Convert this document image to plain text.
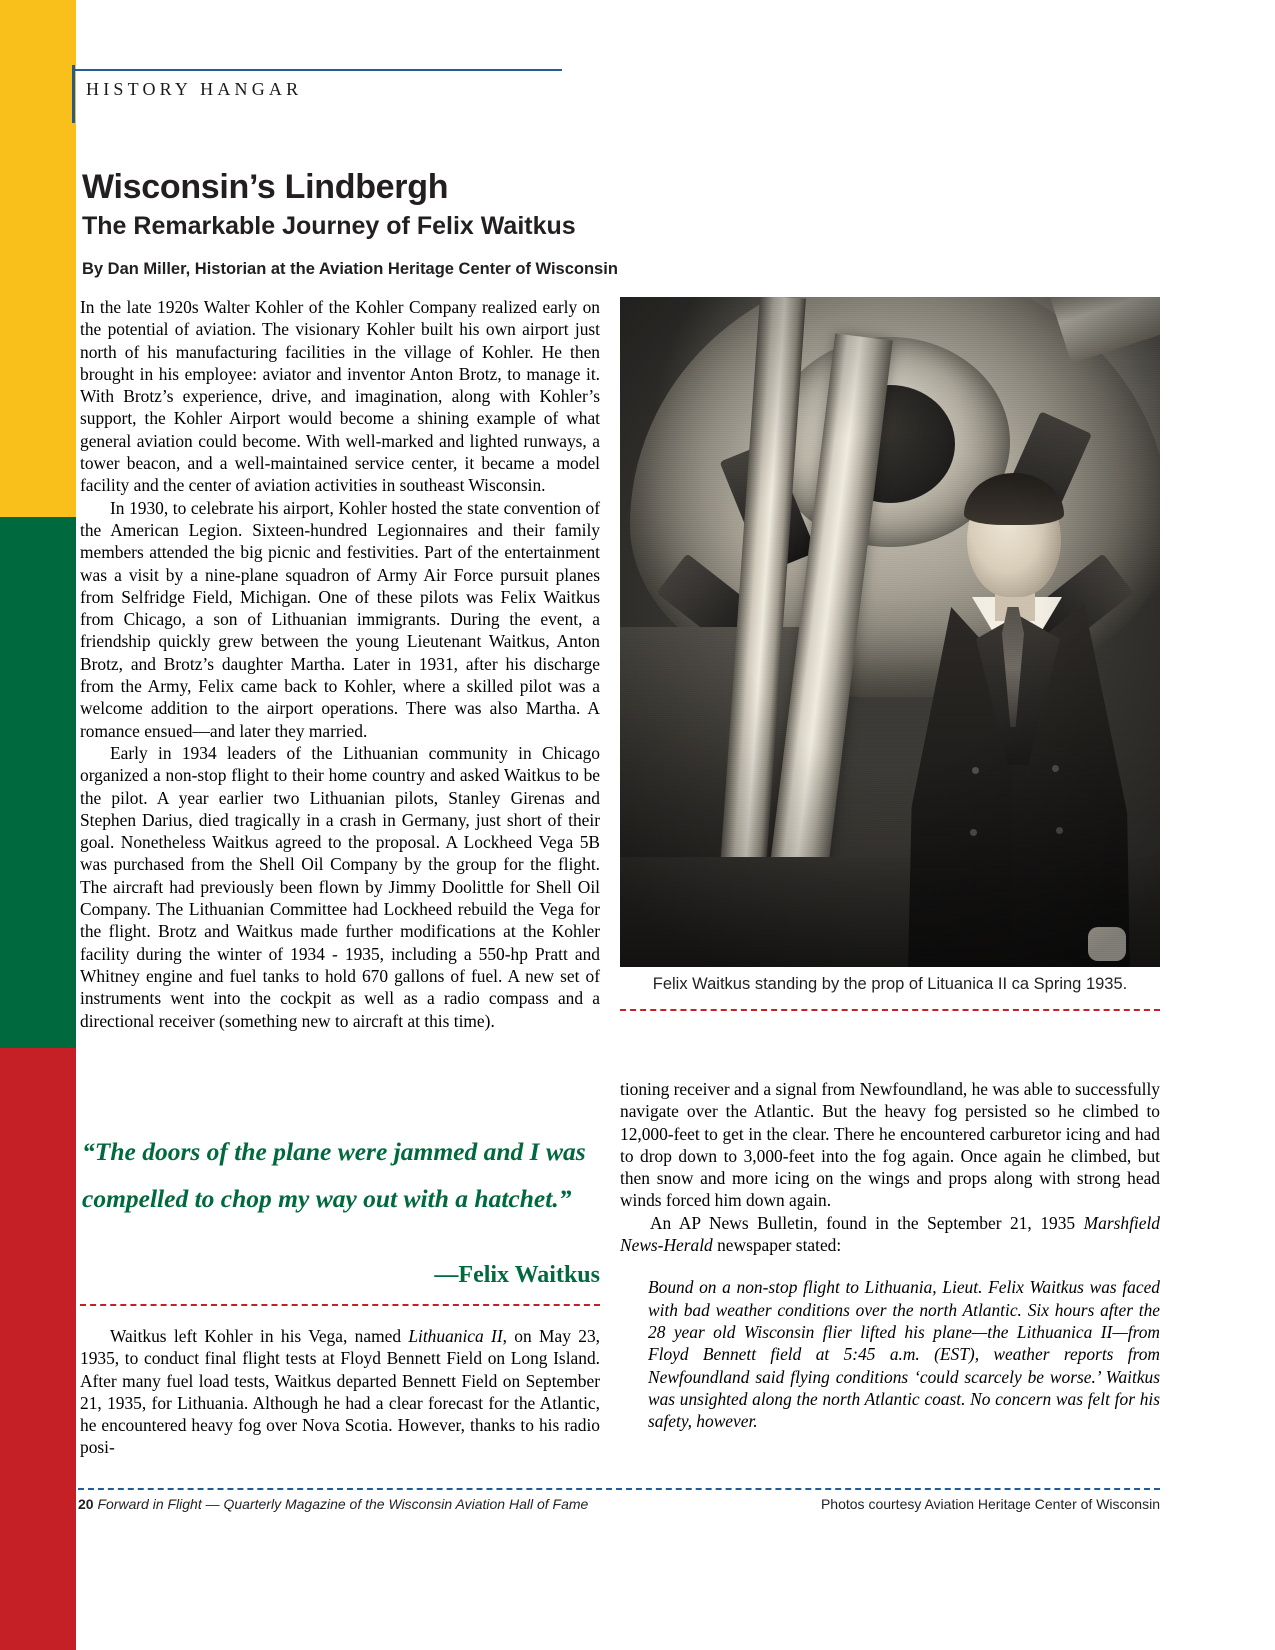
HISTORY HANGAR
Wisconsin’s Lindbergh
The Remarkable Journey of Felix Waitkus
By Dan Miller, Historian at the Aviation Heritage Center of Wisconsin

In the late 1920s Walter Kohler of the Kohler Company realized early on the potential of aviation. The visionary Kohler built his own airport just north of his manufacturing facilities in the village of Kohler. He then brought in his employee: aviator and inventor Anton Brotz, to manage it. With Brotz’s experience, drive, and imagination, along with Kohler’s support, the Kohler Airport would become a shining example of what general aviation could become. With well-marked and lighted runways, a tower beacon, and a well-maintained service center, it became a model facility and the center of aviation activities in southeast Wisconsin.

In 1930, to celebrate his airport, Kohler hosted the state convention of the American Legion. Sixteen-hundred Legionnaires and their family members attended the big picnic and festivities. Part of the entertainment was a visit by a nine-plane squadron of Army Air Force pursuit planes from Selfridge Field, Michigan. One of these pilots was Felix Waitkus from Chicago, a son of Lithuanian immigrants. During the event, a friendship quickly grew between the young Lieutenant Waitkus, Anton Brotz, and Brotz’s daughter Martha. Later in 1931, after his discharge from the Army, Felix came back to Kohler, where a skilled pilot was a welcome addition to the airport operations. There was also Martha. A romance ensued—and later they married.

Early in 1934 leaders of the Lithuanian community in Chicago organized a non-stop flight to their home country and asked Waitkus to be the pilot. A year earlier two Lithuanian pilots, Stanley Girenas and Stephen Darius, died tragically in a crash in Germany, just short of their goal. Nonetheless Waitkus agreed to the proposal. A Lockheed Vega 5B was purchased from the Shell Oil Company by the group for the flight. The aircraft had previously been flown by Jimmy Doolittle for Shell Oil Company. The Lithuanian Committee had Lockheed rebuild the Vega for the flight. Brotz and Waitkus made further modifications at the Kohler facility during the winter of 1934 - 1935, including a 550-hp Pratt and Whitney engine and fuel tanks to hold 670 gallons of fuel. A new set of instruments went into the cockpit as well as a radio compass and a directional receiver (something new to aircraft at this time).

“The doors of the plane were jammed and I was compelled to chop my way out with a hatchet.”
—Felix Waitkus

Waitkus left Kohler in his Vega, named Lithuanica II, on May 23, 1935, to conduct final flight tests at Floyd Bennett Field on Long Island. After many fuel load tests, Waitkus departed Bennett Field on September 21, 1935, for Lithuania. Although he had a clear forecast for the Atlantic, he encountered heavy fog over Nova Scotia. However, thanks to his radio posi-

Felix Waitkus standing by the prop of Lituanica II ca Spring 1935.

tioning receiver and a signal from Newfoundland, he was able to successfully navigate over the Atlantic. But the heavy fog persisted so he climbed to 12,000-feet to get in the clear. There he encountered carburetor icing and had to drop down to 3,000-feet into the fog again. Once again he climbed, but then snow and more icing on the wings and props along with strong head winds forced him down again.

An AP News Bulletin, found in the September 21, 1935 Marshfield News-Herald newspaper stated:

Bound on a non-stop flight to Lithuania, Lieut. Felix Waitkus was faced with bad weather conditions over the north Atlantic. Six hours after the 28 year old Wisconsin flier lifted his plane—the Lithuanica II—from Floyd Bennett field at 5:45 a.m. (EST), weather reports from Newfoundland said flying conditions ‘could scarcely be worse.’ Waitkus was unsighted along the north Atlantic coast. No concern was felt for his safety, however.

20 Forward in Flight — Quarterly Magazine of the Wisconsin Aviation Hall of Fame	Photos courtesy Aviation Heritage Center of Wisconsin
